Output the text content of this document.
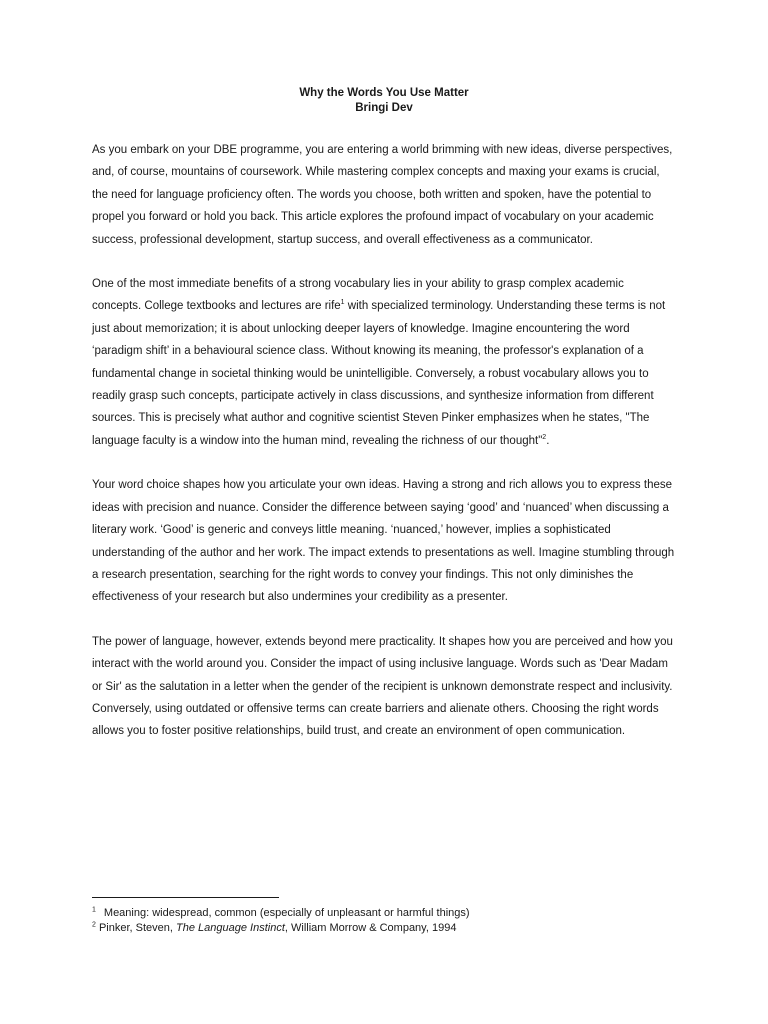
Why the Words You Use Matter
Bringi Dev

As you embark on your DBE programme, you are entering a world brimming with new ideas, diverse perspectives, and, of course, mountains of coursework. While mastering complex concepts and maxing your exams is crucial, the need for language proficiency often. The words you choose, both written and spoken, have the potential to propel you forward or hold you back. This article explores the profound impact of vocabulary on your academic success, professional development, startup success, and overall effectiveness as a communicator.

One of the most immediate benefits of a strong vocabulary lies in your ability to grasp complex academic concepts. College textbooks and lectures are rife$^1$ with specialized terminology. Understanding these terms is not just about memorization; it is about unlocking deeper layers of knowledge. Imagine encountering the word ‘paradigm shift’ in a behavioural science class. Without knowing its meaning, the professor's explanation of a fundamental change in societal thinking would be unintelligible. Conversely, a robust vocabulary allows you to readily grasp such concepts, participate actively in class discussions, and synthesize information from different sources. This is precisely what author and cognitive scientist Steven Pinker emphasizes when he states, "The language faculty is a window into the human mind, revealing the richness of our thought"$^2$.

Your word choice shapes how you articulate your own ideas. Having a strong and rich allows you to express these ideas with precision and nuance. Consider the difference between saying ‘good’ and ‘nuanced’ when discussing a literary work. ‘Good’ is generic and conveys little meaning. ‘nuanced,’ however, implies a sophisticated understanding of the author and her work. The impact extends to presentations as well. Imagine stumbling through a research presentation, searching for the right words to convey your findings. This not only diminishes the effectiveness of your research but also undermines your credibility as a presenter.

The power of language, however, extends beyond mere practicality. It shapes how you are perceived and how you interact with the world around you. Consider the impact of using inclusive language. Words such as 'Dear Madam or Sir' as the salutation in a letter when the gender of the recipient is unknown demonstrate respect and inclusivity. Conversely, using outdated or offensive terms can create barriers and alienate others. Choosing the right words allows you to foster positive relationships, build trust, and create an environment of open communication.

$^1$ Meaning: widespread, common (especially of unpleasant or harmful things)

$^2$ Pinker, Steven, The Language Instinct, William Morrow & Company, 1994
